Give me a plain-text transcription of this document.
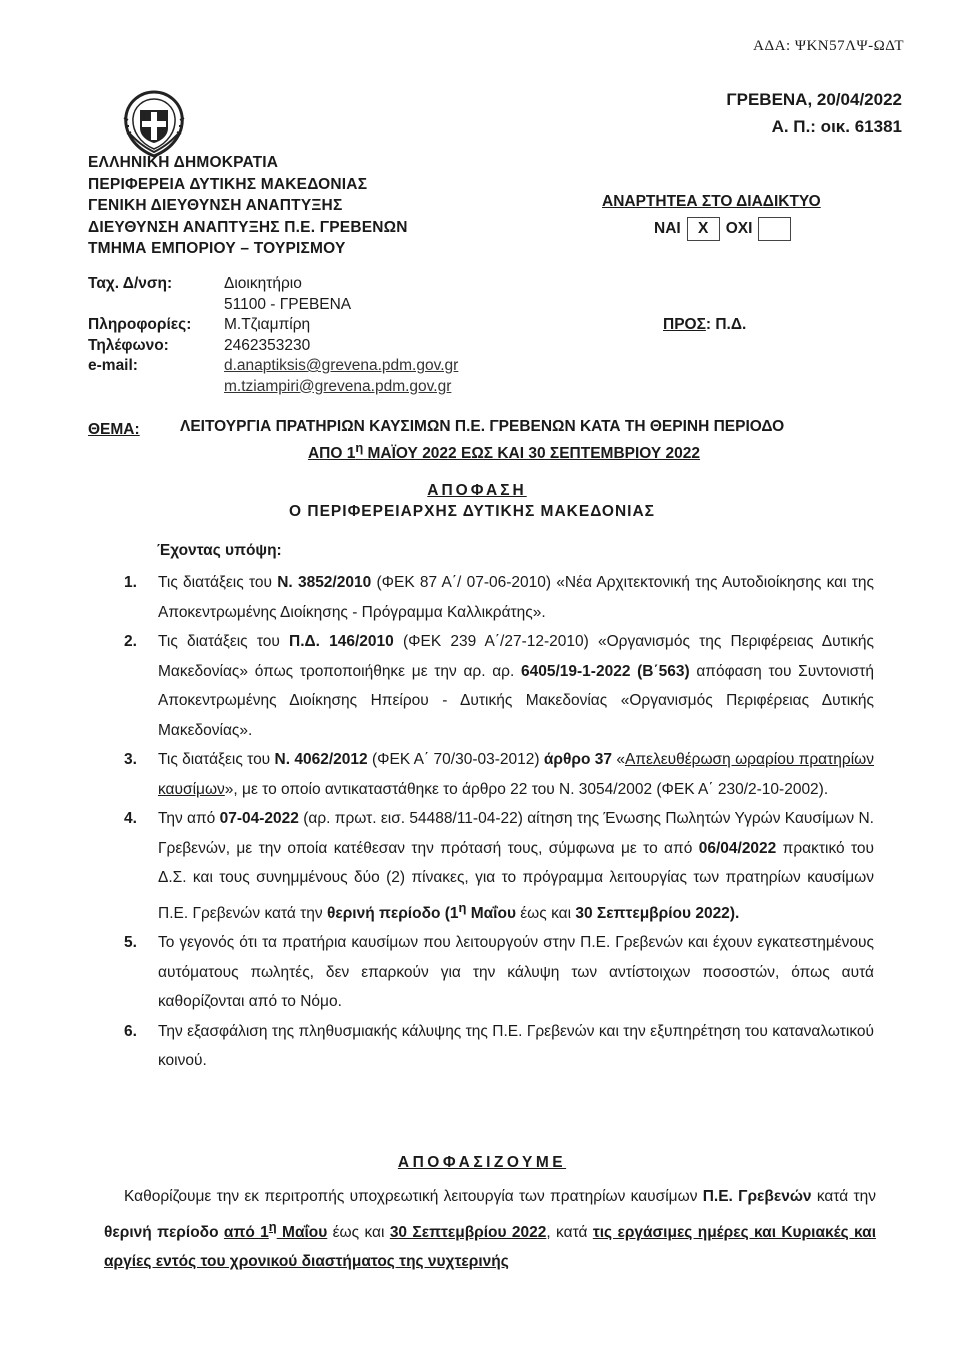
ΑΔΑ: ΨΚΝ57ΛΨ-ΩΔΤ
ΓΡΕΒΕΝΑ, 20/04/2022
Α. Π.: οικ. 61381
ΕΛΛΗΝΙΚΗ ΔΗΜΟΚΡΑΤΙΑ
ΠΕΡΙΦΕΡΕΙΑ ΔΥΤΙΚΗΣ ΜΑΚΕΔΟΝΙΑΣ
ΓΕΝΙΚΗ ΔΙΕΥΘΥΝΣΗ ΑΝΑΠΤΥΞΗΣ
ΔΙΕΥΘΥΝΣΗ ΑΝΑΠΤΥΞΗΣ Π.Ε. ΓΡΕΒΕΝΩΝ
ΤΜΗΜΑ ΕΜΠΟΡΙΟΥ – ΤΟΥΡΙΣΜΟΥ
ΑΝΑΡΤΗΤΕΑ ΣΤΟ ΔΙΑΔΙΚΤΥΟ
ΝΑΙ	X	ΟΧΙ
Ταχ. Δ/νση:	Διοικητήριο
51100 - ΓΡΕΒΕΝΑ
Πληροφορίες:	Μ.Τζιαμπίρη
Τηλέφωνο:	2462353230
e-mail:	d.anaptiksis@grevena.pdm.gov.gr
m.tziampiri@grevena.pdm.gov.gr
ΠΡΟΣ: Π.Δ.
ΘΕΜΑ:	ΛΕΙΤΟΥΡΓΙΑ ΠΡΑΤΗΡΙΩΝ ΚΑΥΣΙΜΩΝ Π.Ε. ΓΡΕΒΕΝΩΝ ΚΑΤΑ ΤΗ ΘΕΡΙΝΗ ΠΕΡΙΟΔΟ
ΑΠΟ $1^\eta$ ΜΑΪΟΥ 2022 ΕΩΣ ΚΑΙ 30 ΣΕΠΤΕΜΒΡΙΟΥ 2022
ΑΠΟΦΑΣΗ
Ο ΠΕΡΙΦΕΡΕΙΑΡΧΗΣ ΔΥΤΙΚΗΣ ΜΑΚΕΔΟΝΙΑΣ
Έχοντας υπόψη:
1.	Τις διατάξεις του Ν. 3852/2010 (ΦΕΚ 87 Α΄/ 07-06-2010) «Νέα Αρχιτεκτονική της Αυτοδιοίκησης και της Αποκεντρωμένης Διοίκησης - Πρόγραμμα Καλλικράτης».
2.	Τις διατάξεις του Π.Δ. 146/2010 (ΦΕΚ 239 Α΄/27-12-2010) «Οργανισμός της Περιφέρειας Δυτικής Μακεδονίας» όπως τροποποιήθηκε με την αρ. αρ. 6405/19-1-2022 (Β΄563) απόφαση του Συντονιστή Αποκεντρωμένης Διοίκησης Ηπείρου - Δυτικής Μακεδονίας «Οργανισμός Περιφέρειας Δυτικής Μακεδονίας».
3.	Τις διατάξεις του Ν. 4062/2012 (ΦΕΚ Α΄ 70/30-03-2012) άρθρο 37 «Απελευθέρωση ωραρίου πρατηρίων καυσίμων», με το οποίο αντικαταστάθηκε το άρθρο 22 του Ν. 3054/2002 (ΦΕΚ Α΄ 230/2-10-2002).
4.	Την από 07-04-2022 (αρ. πρωτ. εισ. 54488/11-04-22) αίτηση της Ένωσης Πωλητών Υγρών Καυσίμων Ν. Γρεβενών, με την οποία κατέθεσαν την πρότασή τους, σύμφωνα με το από 06/04/2022 πρακτικό του Δ.Σ. και τους συνημμένους δύο (2) πίνακες, για το πρόγραμμα λειτουργίας των πρατηρίων καυσίμων Π.Ε. Γρεβενών κατά την θερινή περίοδο ($1^\eta$ Μαΐου έως και 30 Σεπτεμβρίου 2022).
5.	Το γεγονός ότι τα πρατήρια καυσίμων που λειτουργούν στην Π.Ε. Γρεβενών και έχουν εγκατεστημένους αυτόματους πωλητές, δεν επαρκούν για την κάλυψη των αντίστοιχων ποσοστών, όπως αυτά καθορίζονται από το Νόμο.
6.	Την εξασφάλιση της πληθυσμιακής κάλυψης της Π.Ε. Γρεβενών και την εξυπηρέτηση του καταναλωτικού κοινού.
ΑΠΟΦΑΣΙΖΟΥΜΕ
Καθορίζουμε την εκ περιτροπής υποχρεωτική λειτουργία των πρατηρίων καυσίμων Π.Ε. Γρεβενών κατά την θερινή περίοδο από $1^\eta$ Μαΐου έως και 30 Σεπτεμβρίου 2022, κατά τις εργάσιμες ημέρες και Κυριακές και αργίες εντός του χρονικού διαστήματος της νυχτερινής
